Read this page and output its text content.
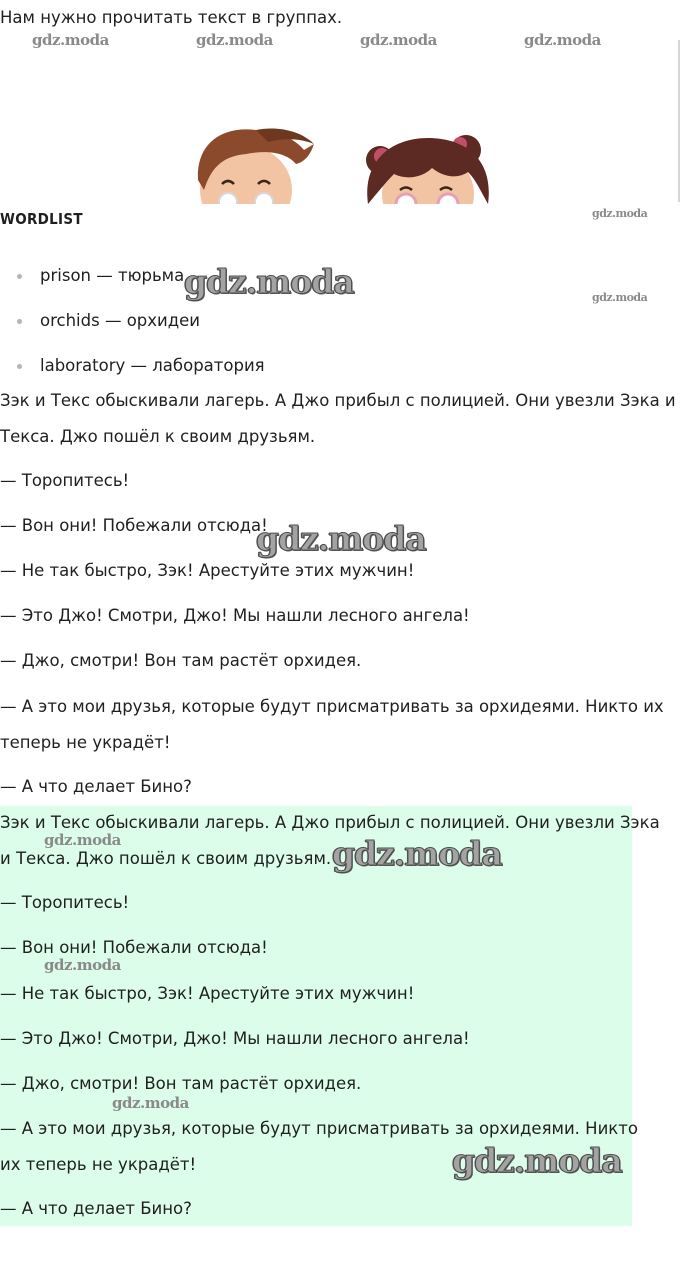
Нам нужно прочитать текст в группах.

gdz.moda	gdz.moda	gdz.moda	gdz.moda
WORDLIST	gdz.moda
prison — тюрьма
orchids — орхидеи
laboratory — лаборатория
gdz.moda	gdz.moda

Зэк и Текс обыскивали лагерь. А Джо прибыл с полицией. Они увезли Зэка и

Текса. Джо пошёл к своим друзьям.

— Торопитесь!

— Вон они! Побежали отсюда!

— Не так быстро, Зэк! Арестуйте этих мужчин!

— Это Джо! Смотри, Джо! Мы нашли лесного ангела!

— Джо, смотри! Вон там растёт орхидея.

— А это мои друзья, которые будут присматривать за орхидеями. Никто их

теперь не украдёт!

— А что делает Бино?

gdz.moda

Зэк и Текс обыскивали лагерь. А Джо прибыл с полицией. Они увезли Зэка

и Текса. Джо пошёл к своим друзьям.

— Торопитесь!

— Вон они! Побежали отсюда!

— Не так быстро, Зэк! Арестуйте этих мужчин!

— Это Джо! Смотри, Джо! Мы нашли лесного ангела!

— Джо, смотри! Вон там растёт орхидея.

— А это мои друзья, которые будут присматривать за орхидеями. Никто

их теперь не украдёт!

— А что делает Бино?

gdz.moda	gdz.moda
gdz.moda
gdz.moda
gdz.moda
